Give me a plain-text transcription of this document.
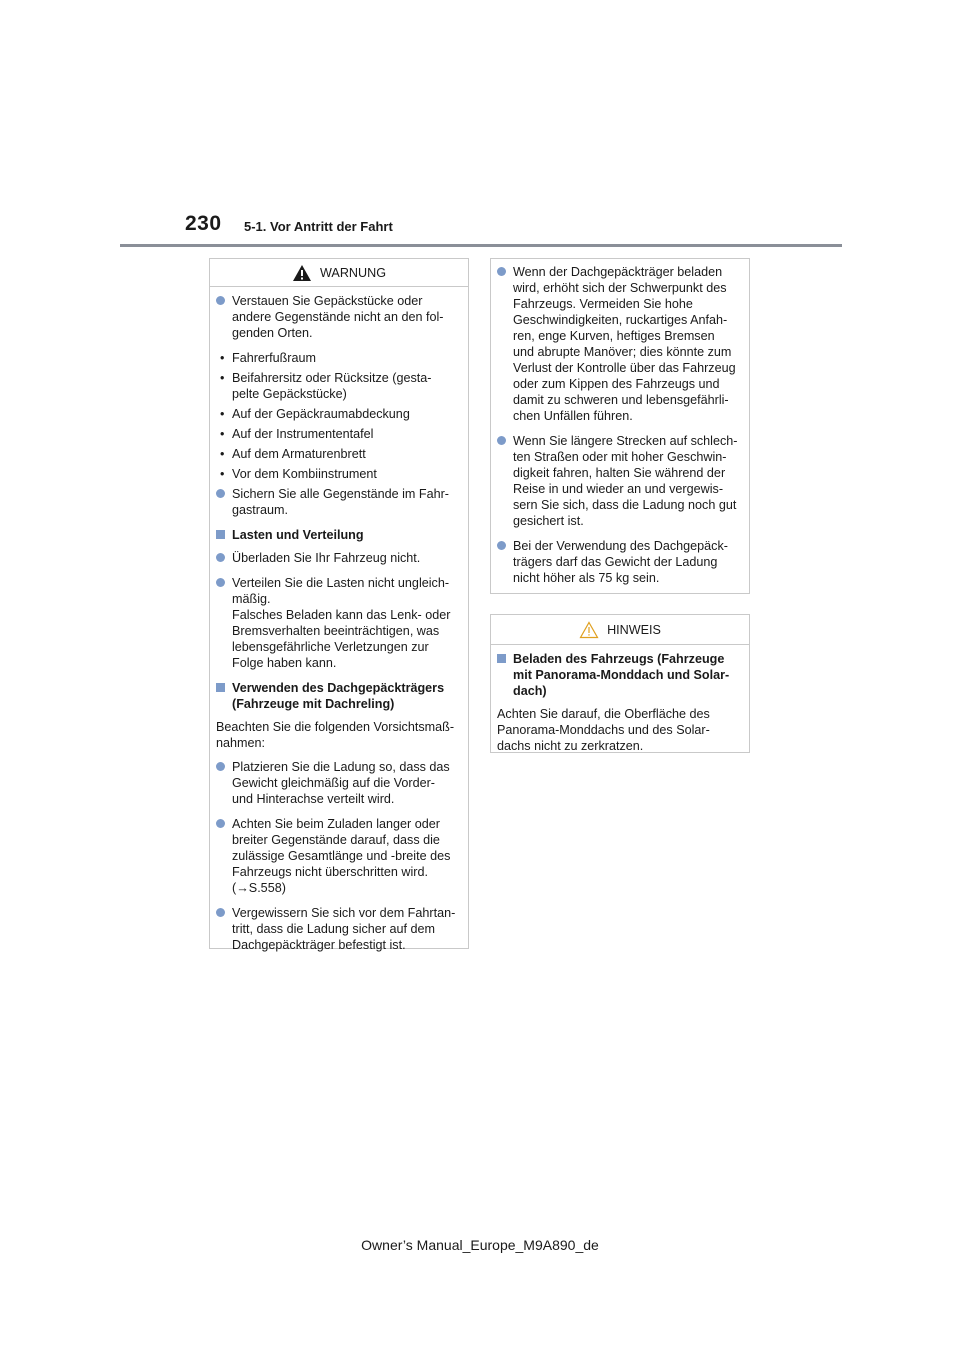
230 5-1. Vor Antritt der Fahrt
WARNUNG
Verstauen Sie Gepäckstücke oder
andere Gegenstände nicht an den fol-
genden Orten.
• Fahrerfußraum
• Beifahrersitz oder Rücksitze (gesta-
pelte Gepäckstücke)
• Auf der Gepäckraumabdeckung
• Auf der Instrumententafel
• Auf dem Armaturenbrett
• Vor dem Kombiinstrument
Sichern Sie alle Gegenstände im Fahr-
gastraum.
Lasten und Verteilung
Überladen Sie Ihr Fahrzeug nicht.
Verteilen Sie die Lasten nicht ungleich-
mäßig.
Falsches Beladen kann das Lenk- oder
Bremsverhalten beeinträchtigen, was
lebensgefährliche Verletzungen zur
Folge haben kann.
Verwenden des Dachgepäckträgers
(Fahrzeuge mit Dachreling)
Beachten Sie die folgenden Vorsichtsmaß-
nahmen:
Platzieren Sie die Ladung so, dass das
Gewicht gleichmäßig auf die Vorder-
und Hinterachse verteilt wird.
Achten Sie beim Zuladen langer oder
breiter Gegenstände darauf, dass die
zulässige Gesamtlänge und -breite des
Fahrzeugs nicht überschritten wird.
(→S.558)
Vergewissern Sie sich vor dem Fahrtan-
tritt, dass die Ladung sicher auf dem
Dachgepäckträger befestigt ist.
Wenn der Dachgepäckträger beladen
wird, erhöht sich der Schwerpunkt des
Fahrzeugs. Vermeiden Sie hohe
Geschwindigkeiten, ruckartiges Anfah-
ren, enge Kurven, heftiges Bremsen
und abrupte Manöver; dies könnte zum
Verlust der Kontrolle über das Fahrzeug
oder zum Kippen des Fahrzeugs und
damit zu schweren und lebensgefährli-
chen Unfällen führen.
Wenn Sie längere Strecken auf schlech-
ten Straßen oder mit hoher Geschwin-
digkeit fahren, halten Sie während der
Reise in und wieder an und vergewis-
sern Sie sich, dass die Ladung noch gut
gesichert ist.
Bei der Verwendung des Dachgepäck-
trägers darf das Gewicht der Ladung
nicht höher als 75 kg sein.
HINWEIS
Beladen des Fahrzeugs (Fahrzeuge
mit Panorama-Monddach und Solar-
dach)
Achten Sie darauf, die Oberfläche des
Panorama-Monddachs und des Solar-
dachs nicht zu zerkratzen.
Owner’s Manual_Europe_M9A890_de
